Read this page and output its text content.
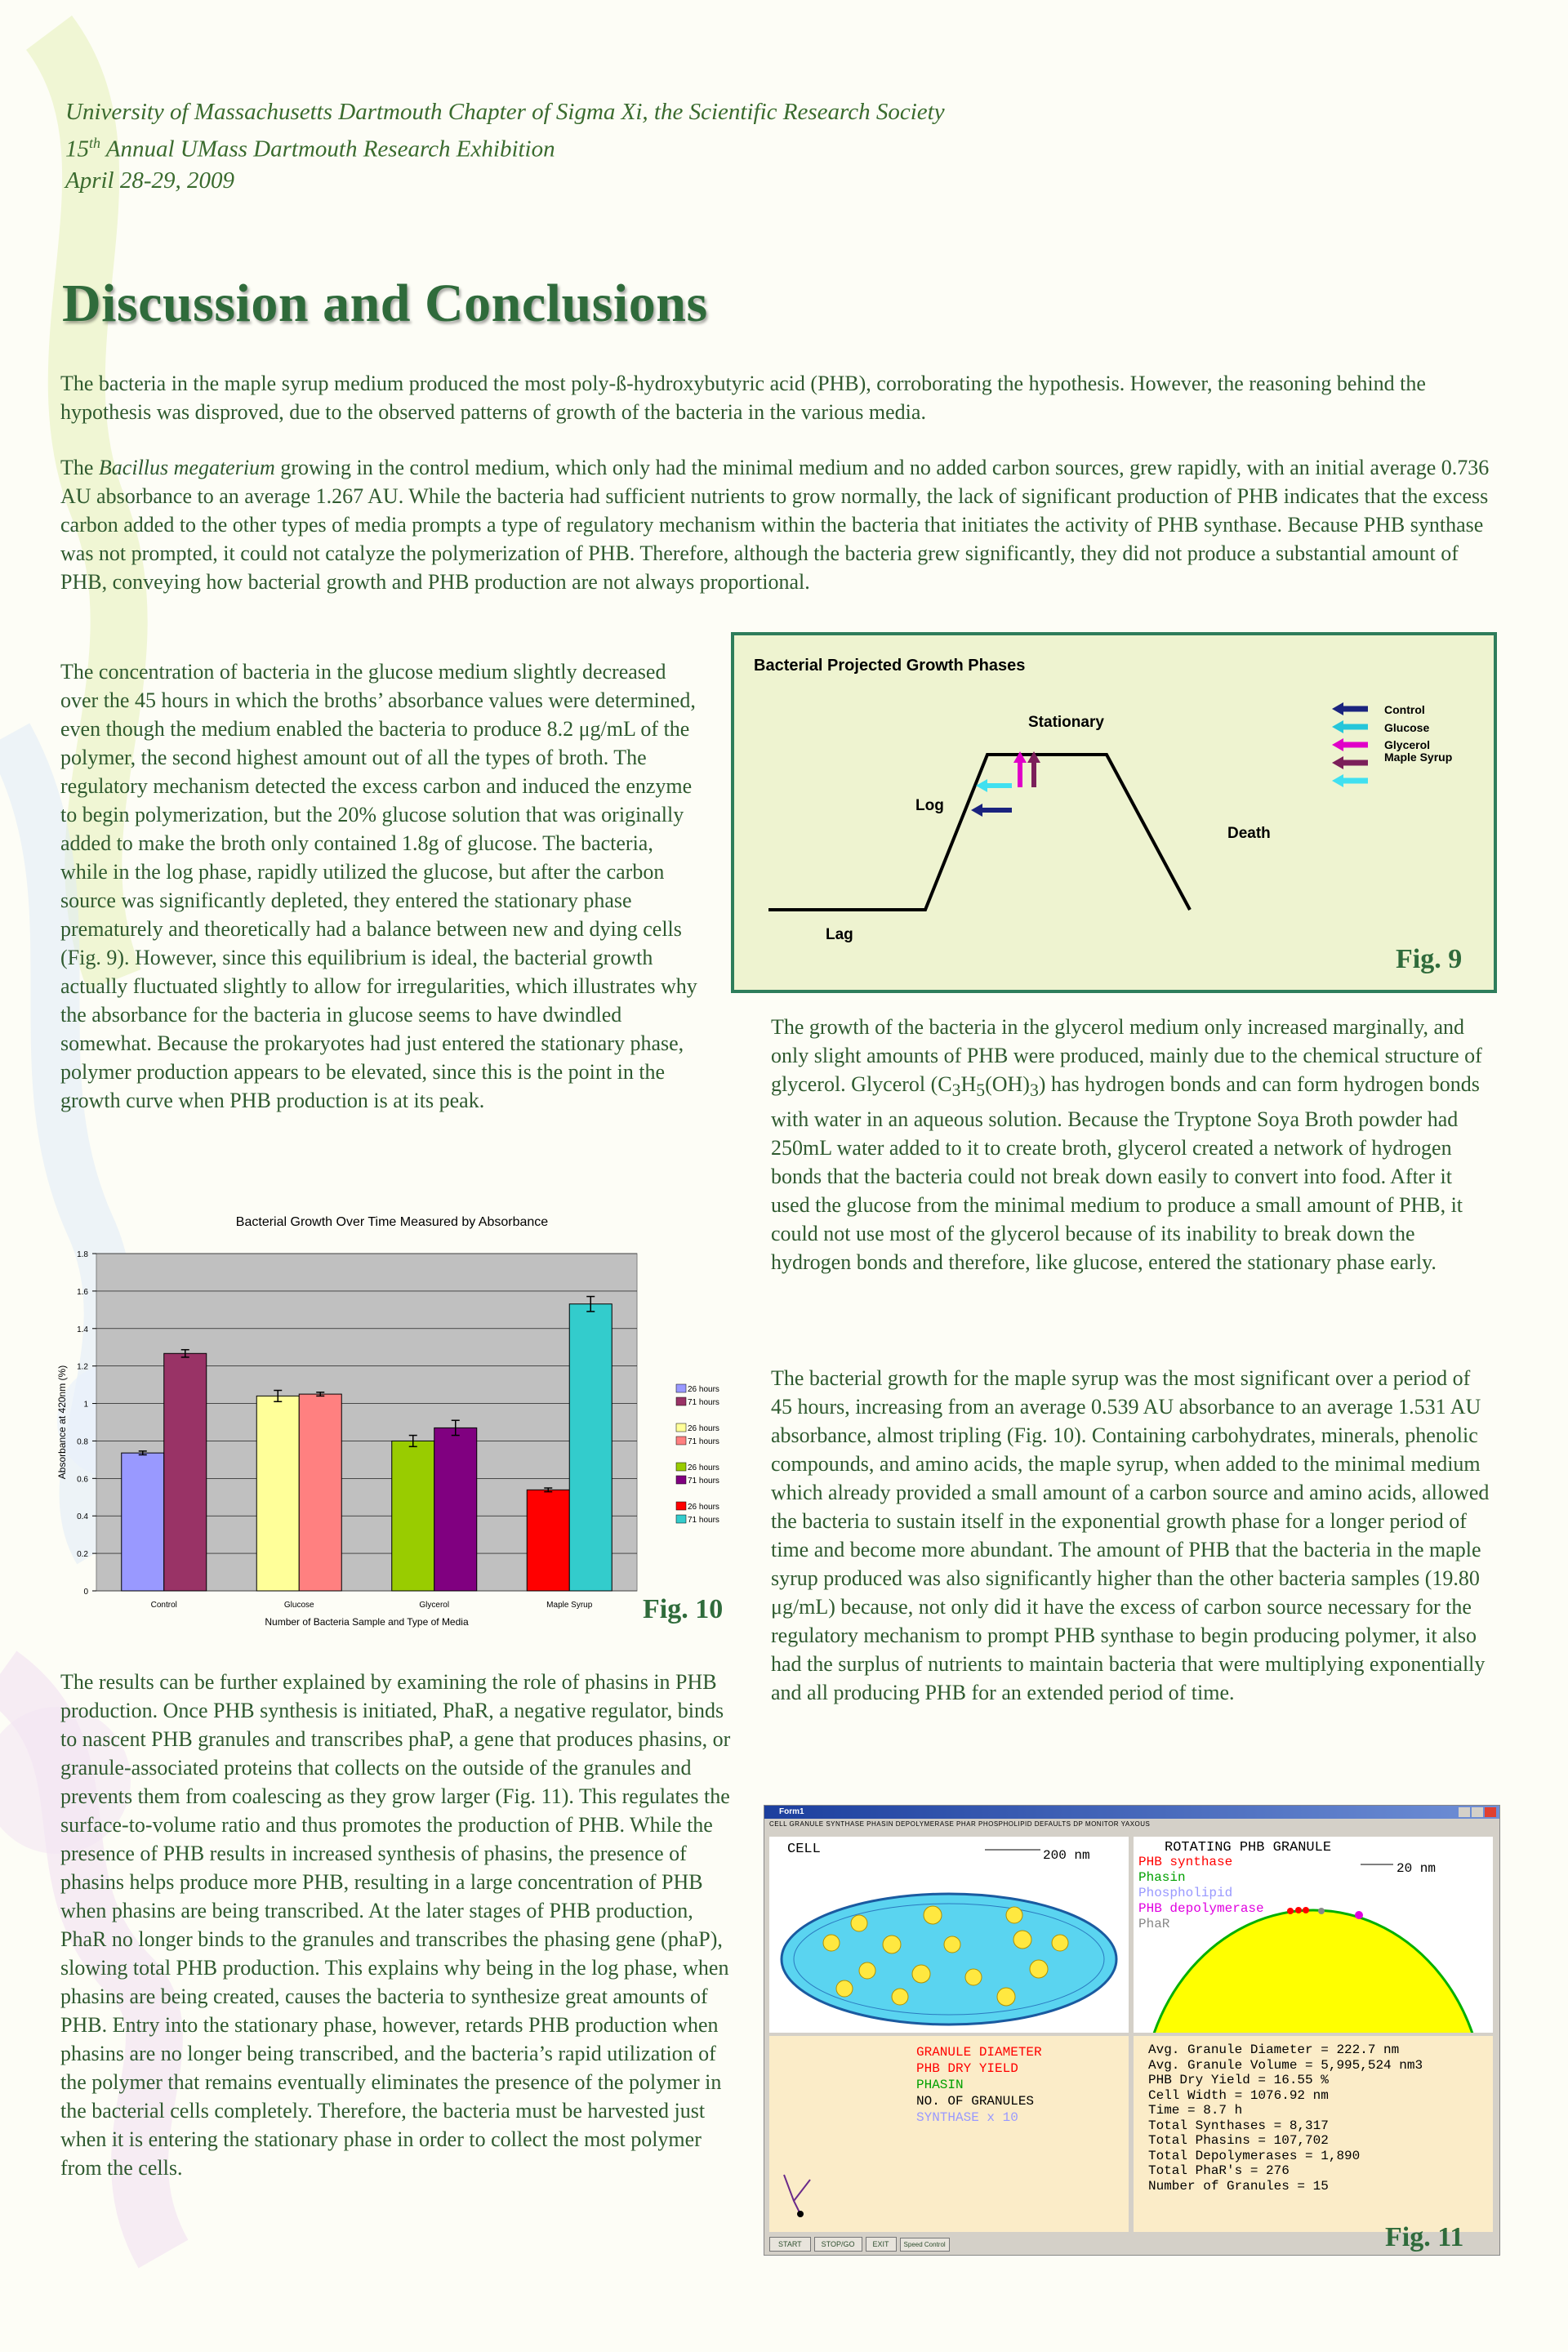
University of Massachusetts Dartmouth Chapter of Sigma Xi, the Scientific Research Society
15th Annual UMass Dartmouth Research Exhibition
April 28-29, 2009
Discussion and Conclusions

The bacteria in the maple syrup medium produced the most poly-ß-hydroxybutyric acid (PHB), corroborating the hypothesis. However, the reasoning behind the hypothesis was disproved, due to the observed patterns of growth of the bacteria in the various media.

The Bacillus megaterium growing in the control medium, which only had the minimal medium and no added carbon sources, grew rapidly, with an initial average 0.736 AU absorbance to an average 1.267 AU. While the bacteria had sufficient nutrients to grow normally, the lack of significant production of PHB indicates that the excess carbon added to the other types of media prompts a type of regulatory mechanism within the bacteria that initiates the activity of PHB synthase. Because PHB synthase was not prompted, it could not catalyze the polymerization of PHB. Therefore, although the bacteria grew significantly, they did not produce a substantial amount of PHB, conveying how bacterial growth and PHB production are not always proportional.

The concentration of bacteria in the glucose medium slightly decreased over the 45 hours in which the broths’ absorbance values were determined, even though the medium enabled the bacteria to produce 8.2 μg/mL of the polymer, the second highest amount out of all the types of broth. The regulatory mechanism detected the excess carbon and induced the enzyme to begin polymerization, but the 20% glucose solution that was originally added to make the broth only contained 1.8g of glucose. The bacteria, while in the log phase, rapidly utilized the glucose, but after the carbon source was significantly depleted, they entered the stationary phase prematurely and theoretically had a balance between new and dying cells (Fig. 9). However, since this equilibrium is ideal, the bacterial growth actually fluctuated slightly to allow for irregularities, which illustrates why the absorbance for the bacteria in glucose seems to have dwindled somewhat. Because the prokaryotes had just entered the stationary phase, polymer production appears to be elevated, since this is the point in the growth curve when PHB production is at its peak.

Bacterial Projected Growth Phases
Lag
Log
Stationary
Death
Control
Glucose
Glycerol
Maple Syrup
Fig. 9

The growth of the bacteria in the glycerol medium only increased marginally, and only slight amounts of PHB were produced, mainly due to the chemical structure of glycerol. Glycerol $(C_3H_5(OH)_3)$ has hydrogen bonds and can form hydrogen bonds with water in an aqueous solution. Because the Tryptone Soya Broth powder had 250mL water added to it to create broth, glycerol created a network of hydrogen bonds that the bacteria could not break down easily to convert into food. After it used the glucose from the minimal medium to produce a small amount of PHB, it could not use most of the glycerol because of its inability to break down the hydrogen bonds and therefore, like glucose, entered the stationary phase early.

The bacterial growth for the maple syrup was the most significant over a period of 45 hours, increasing from an average 0.539 AU absorbance to an average 1.531 AU absorbance, almost tripling (Fig. 10). Containing carbohydrates, minerals, phenolic compounds, and amino acids, the maple syrup, when added to the minimal medium which already provided a small amount of a carbon source and amino acids, allowed the bacteria to sustain itself in the exponential growth phase for a longer period of time and become more abundant. The amount of PHB that the bacteria in the maple syrup produced was also significantly higher than the other bacteria samples (19.80 μg/mL) because, not only did it have the excess of carbon source necessary for the regulatory mechanism to prompt PHB synthase to begin producing polymer, it also had the surplus of nutrients to maintain bacteria that were multiplying exponentially and all producing PHB for an extended period of time.

Bacterial Growth Over Time Measured by Absorbance
0
0.2
0.4
0.6
0.8
1
1.2
1.4
1.6
1.8
Control	Glucose	Glycerol	Maple Syrup
Number of Bacteria Sample and Type of Media
Absorbance at 420nm (%)	26 hours
71 hours
26 hours
71 hours
26 hours
71 hours
26 hours
71 hours
Fig. 10

The results can be further explained by examining the role of phasins in PHB production. Once PHB synthesis is initiated, PhaR, a negative regulator, binds to nascent PHB granules and transcribes phaP, a gene that produces phasins, or granule-associated proteins that collects on the outside of the granules and prevents them from coalescing as they grow larger (Fig. 11). This regulates the surface-to-volume ratio and thus promotes the production of PHB. While the presence of PHB results in increased synthesis of phasins, the presence of phasins helps produce more PHB, resulting in a large concentration of PHB when phasins are being transcribed. At the later stages of PHB production, PhaR no longer binds to the granules and transcribes the phasing gene (phaP), slowing total PHB production. This explains why being in the log phase, when phasins are being created, causes the bacteria to synthesize great amounts of PHB. Entry into the stationary phase, however, retards PHB production when phasins are no longer being transcribed, and the bacteria’s rapid utilization of the polymer that remains eventually eliminates the presence of the polymer in the bacterial cells completely. Therefore, the bacteria must be harvested just when it is entering the stationary phase in order to collect the most polymer from the cells.

Form1
CELL GRANULE SYNTHASE PHASIN DEPOLYMERASE PHAR PHOSPHOLIPID DEFAULTS DP MONITOR YAXOUS
CELL	200 nm	ROTATING PHB GRANULE
20 nm
PHB synthase
Phasin
Phospholipid
PHB depolymerase
PhaR
GRANULE DIAMETER
PHB DRY YIELD
PHASIN
NO. OF GRANULES
SYNTHASE x 10
Avg. Granule Diameter = 222.7 nm
Avg. Granule Volume = 5,995,524 nm3
PHB Dry Yield = 16.55 %
Cell Width = 1076.92 nm
Time = 8.7 h
Total Synthases = 8,317
Total Phasins = 107,702
Total Depolymerases = 1,890
Total PhaR's = 276
Number of Granules = 15
START	STOP/GO	EXIT	Speed Control	Fig. 11
